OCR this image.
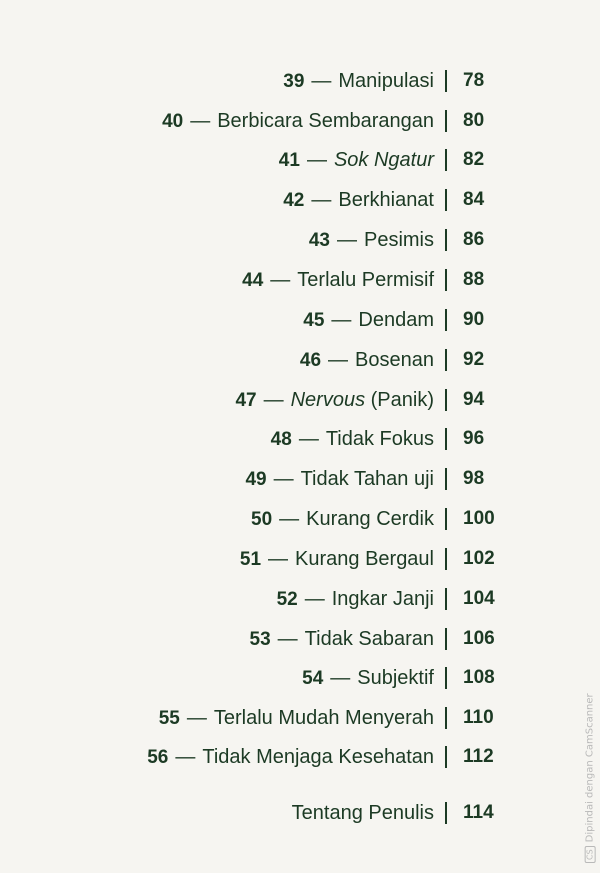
39 — Manipulasi 78
40 — Berbicara Sembarangan 80
41 — Sok Ngatur 82
42 — Berkhianat 84
43 — Pesimis 86
44 — Terlalu Permisif 88
45 — Dendam 90
46 — Bosenan 92
47 — Nervous (Panik) 94
48 — Tidak Fokus 96
49 — Tidak Tahan uji 98
50 — Kurang Cerdik 100
51 — Kurang Bergaul 102
52 — Ingkar Janji 104
53 — Tidak Sabaran 106
54 — Subjektif 108
55 — Terlalu Mudah Menyerah 110
56 — Tidak Menjaga Kesehatan 112
Tentang Penulis 114
CSDipindai dengan CamScanner
